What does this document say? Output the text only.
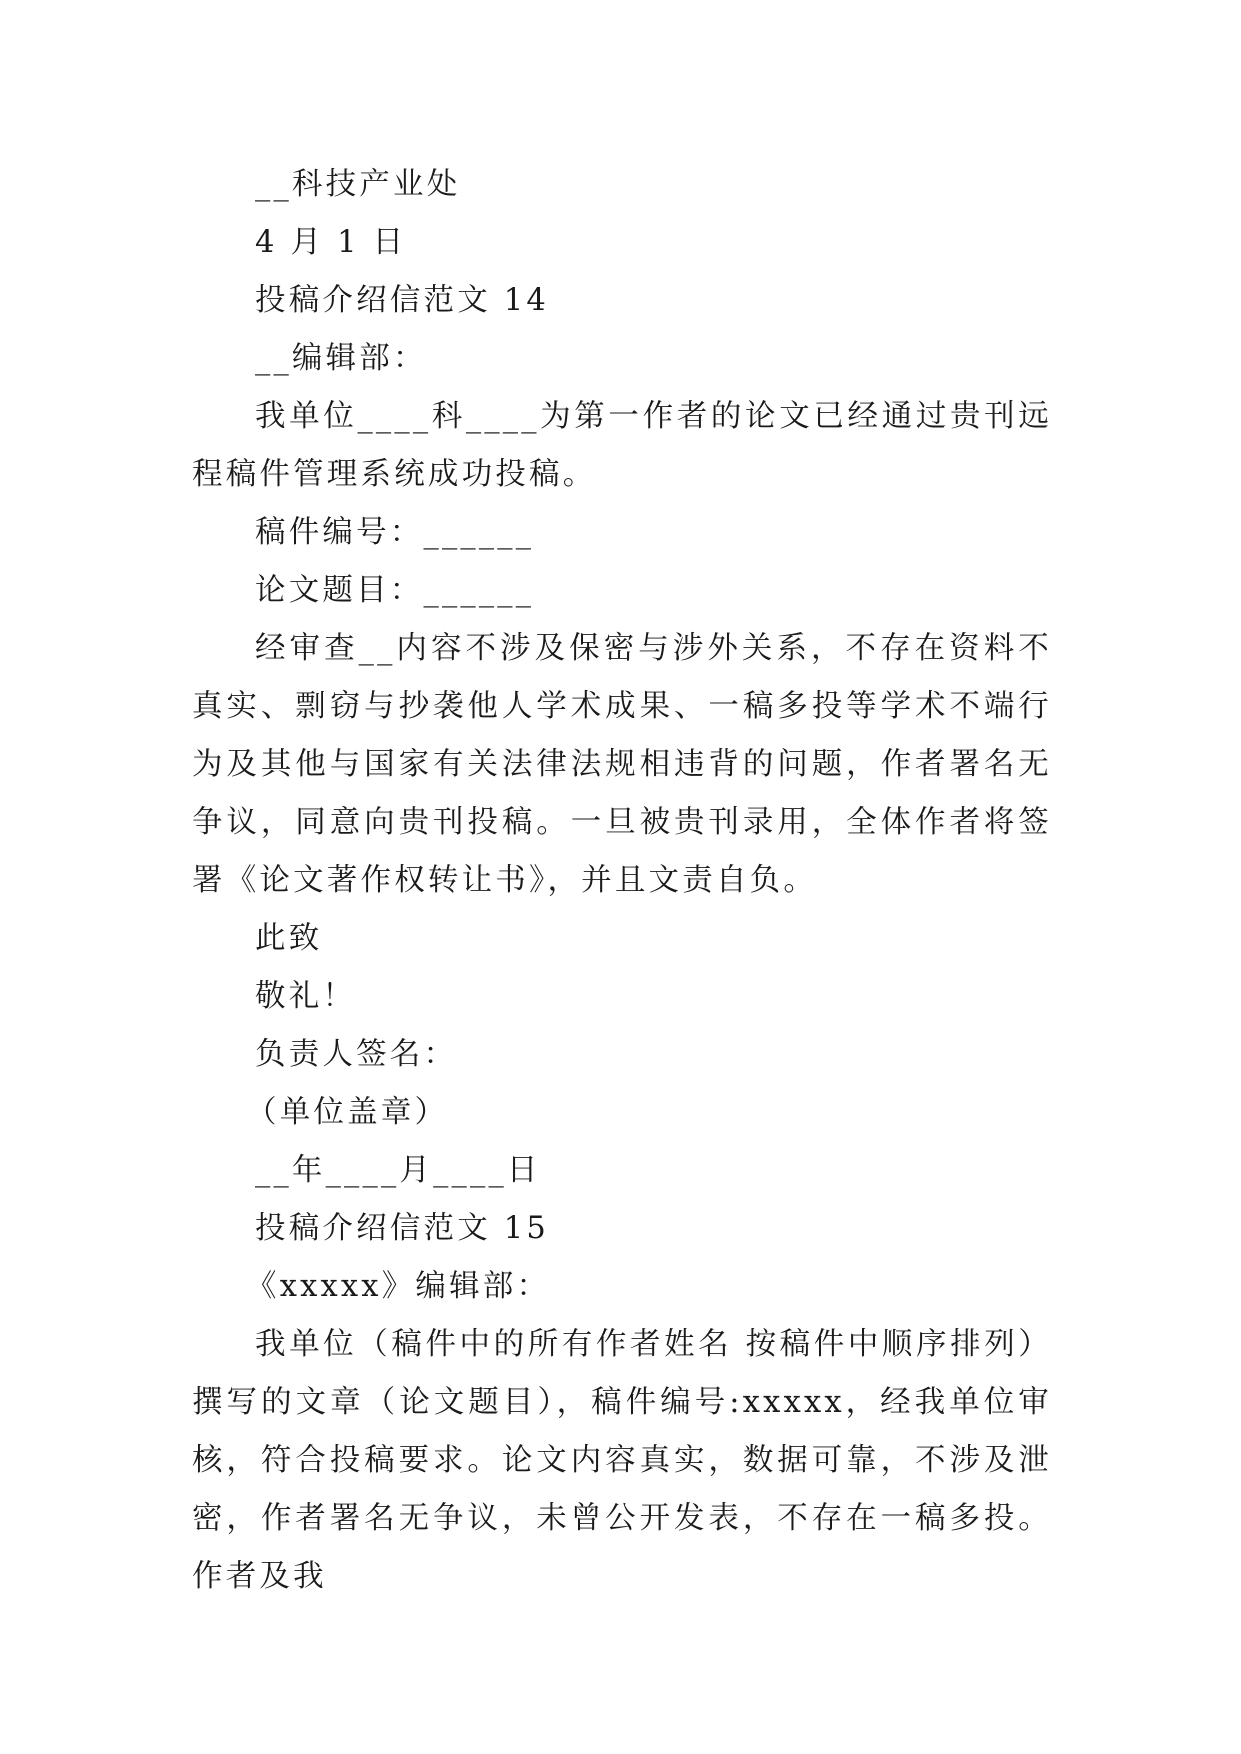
__科技产业处

4 月 1 日

投稿介绍信范文 14

__编辑部：

我单位____科____为第一作者的论文已经通过贵刊远程稿件管理系统成功投稿。

稿件编号：______

论文题目：______

经审查__内容不涉及保密与涉外关系，不存在资料不真实、剽窃与抄袭他人学术成果、一稿多投等学术不端行为及其他与国家有关法律法规相违背的问题，作者署名无争议，同意向贵刊投稿。一旦被贵刊录用，全体作者将签署《论文著作权转让书》，并且文责自负。

此致

敬礼！

负责人签名：

（单位盖章）

__年____月____日

投稿介绍信范文 15

《xxxxx》编辑部：

我单位（稿件中的所有作者姓名 按稿件中顺序排列）撰写的文章（论文题目），稿件编号:xxxxx，经我单位审核，符合投稿要求。论文内容真实，数据可靠，不涉及泄密，作者署名无争议，未曾公开发表，不存在一稿多投。作者及我
